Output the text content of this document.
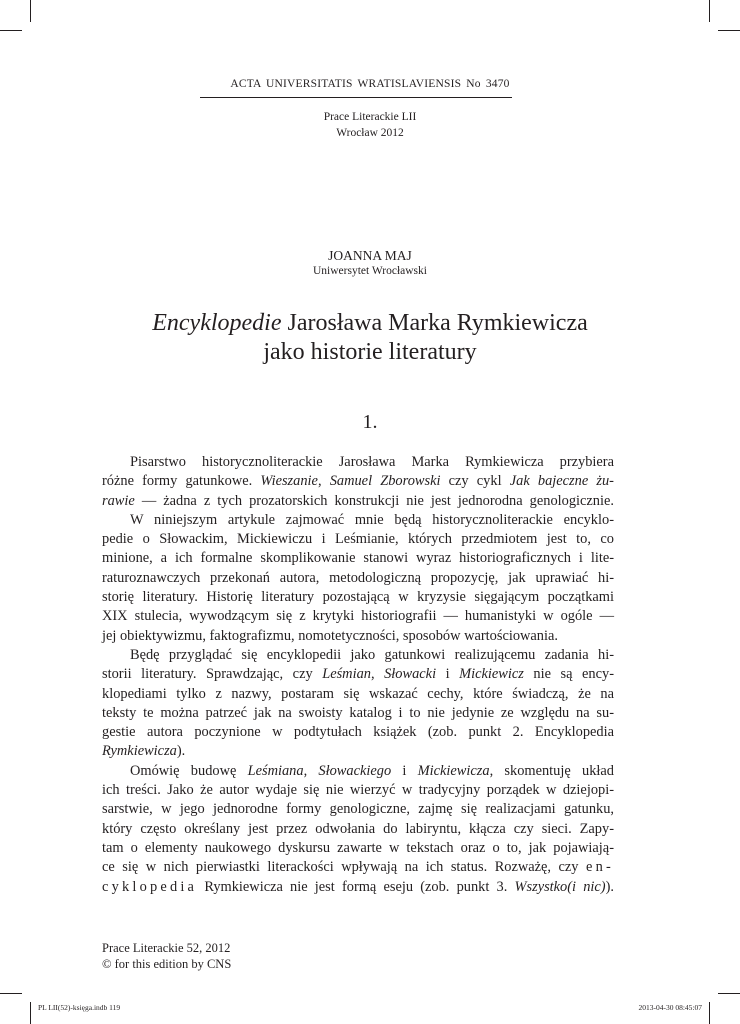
ACTA UNIVERSITATIS WRATISLAVIENSIS No 3470
Prace Literackie LII
Wrocław 2012
JOANNA MAJ
Uniwersytet Wrocławski
Encyklopedie Jarosława Marka Rymkiewicza
jako historie literatury
1.
Pisarstwo historycznoliterackie Jarosława Marka Rymkiewicza przybiera
różne formy gatunkowe. Wieszanie, Samuel Zborowski czy cykl Jak bajeczne żu-
rawie — żadna z tych prozatorskich konstrukcji nie jest jednorodna genologicznie.
W niniejszym artykule zajmować mnie będą historycznoliterackie encyklo-
pedie o Słowackim, Mickiewiczu i Leśmianie, których przedmiotem jest to, co
minione, a ich formalne skomplikowanie stanowi wyraz historiograficznych i lite-
raturoznawczych przekonań autora, metodologiczną propozycję, jak uprawiać hi-
storię literatury. Historię literatury pozostającą w kryzysie sięgającym początkami
XIX stulecia, wywodzącym się z krytyki historiografii — humanistyki w ogóle —
jej obiektywizmu, faktografizmu, nomotetyczności, sposobów wartościowania.
Będę przyglądać się encyklopedii jako gatunkowi realizującemu zadania hi-
storii literatury. Sprawdzając, czy Leśmian, Słowacki i Mickiewicz nie są ency-
klopediami tylko z nazwy, postaram się wskazać cechy, które świadczą, że na
teksty te można patrzeć jak na swoisty katalog i to nie jedynie ze względu na su-
gestie autora poczynione w podtytułach książek (zob. punkt 2. Encyklopedia
Rymkiewicza).
Omówię budowę Leśmiana, Słowackiego i Mickiewicza, skomentuję układ
ich treści. Jako że autor wydaje się nie wierzyć w tradycyjny porządek w dziejopi-
sarstwie, w jego jednorodne formy genologiczne, zajmę się realizacjami gatunku,
który często określany jest przez odwołania do labiryntu, kłącza czy sieci. Zapy-
tam o elementy naukowego dyskursu zawarte w tekstach oraz o to, jak pojawiają-
ce się w nich pierwiastki literackości wpływają na ich status. Rozważę, czy en-
cyklopedia Rymkiewicza nie jest formą eseju (zob. punkt 3. Wszystko(i nic)).
Prace Literackie 52, 2012
© for this edition by CNS
PL LII(52)-księga.indb 119	2013-04-30 08:45:07
